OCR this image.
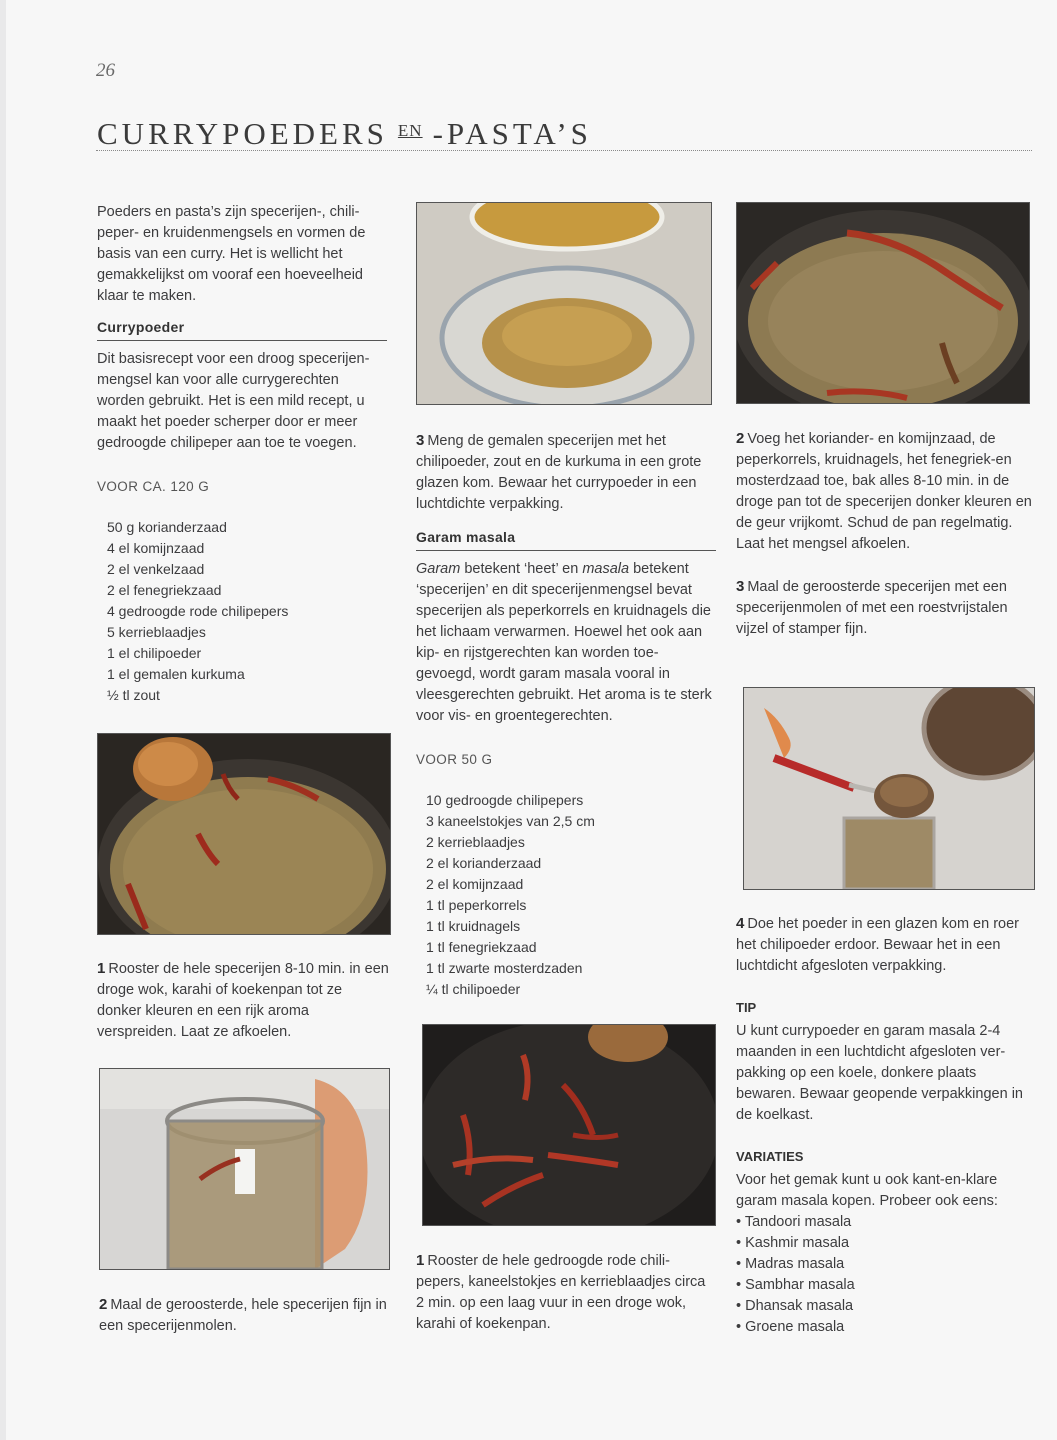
26
CURRYPOEDERS $^{EN}$ -PASTA’S

Poeders en pasta’s zijn specerijen-, chili-peper- en kruidenmengsels en vormen de basis van een curry. Het is wellicht het gemakkelijkst om vooraf een hoeveelheid klaar te maken.

Currypoeder

Dit basisrecept voor een droog specerijen-mengsel kan voor alle currygerechten worden gebruikt. Het is een mild recept, u maakt het poeder scherper door er meer gedroogde chilipeper aan toe te voegen.

VOOR CA. 120 G

50 g korianderzaad
4 el komijnzaad
2 el venkelzaad
2 el fenegriekzaad
4 gedroogde rode chilipepers
5 kerrieblaadjes
1 el chilipoeder
1 el gemalen kurkuma
½ tl zout

1 Rooster de hele specerijen 8-10 min. in een droge wok, karahi of koekenpan tot ze donker kleuren en een rijk aroma verspreiden. Laat ze afkoelen.

2 Maal de geroosterde, hele specerijen fijn in een specerijenmolen.

3 Meng de gemalen specerijen met het chilipoeder, zout en de kurkuma in een grote glazen kom. Bewaar het currypoeder in een luchtdichte verpakking.

Garam masala

Garam betekent ‘heet’ en masala betekent ‘specerijen’ en dit specerijenmengsel bevat specerijen als peperkorrels en kruidnagels die het lichaam verwarmen. Hoewel het ook aan kip- en rijstgerechten kan worden toe-gevoegd, wordt garam masala vooral in vleesgerechten gebruikt. Het aroma is te sterk voor vis- en groentegerechten.

VOOR 50 G

10 gedroogde chilipepers
3 kaneelstokjes van 2,5 cm
2 kerrieblaadjes
2 el korianderzaad
2 el komijnzaad
1 tl peperkorrels
1 tl kruidnagels
1 tl fenegriekzaad
1 tl zwarte mosterdzaden
¼ tl chilipoeder

1 Rooster de hele gedroogde rode chili-pepers, kaneelstokjes en kerrieblaadjes circa 2 min. op een laag vuur in een droge wok, karahi of koekenpan.

2 Voeg het koriander- en komijnzaad, de peperkorrels, kruidnagels, het fenegriek-en mosterdzaad toe, bak alles 8-10 min. in de droge pan tot de specerijen donker kleuren en de geur vrijkomt. Schud de pan regelmatig. Laat het mengsel afkoelen.

3 Maal de geroosterde specerijen met een specerijenmolen of met een roestvrijstalen vijzel of stamper fijn.

4 Doe het poeder in een glazen kom en roer het chilipoeder erdoor. Bewaar het in een luchtdicht afgesloten verpakking.

TIP

U kunt currypoeder en garam masala 2-4 maanden in een luchtdicht afgesloten ver-pakking op een koele, donkere plaats bewaren. Bewaar geopende verpakkingen in de koelkast.

VARIATIES

Voor het gemak kunt u ook kant-en-klare garam masala kopen. Probeer ook eens:

• Tandoori masala
• Kashmir masala
• Madras masala
• Sambhar masala
• Dhansak masala
• Groene masala
